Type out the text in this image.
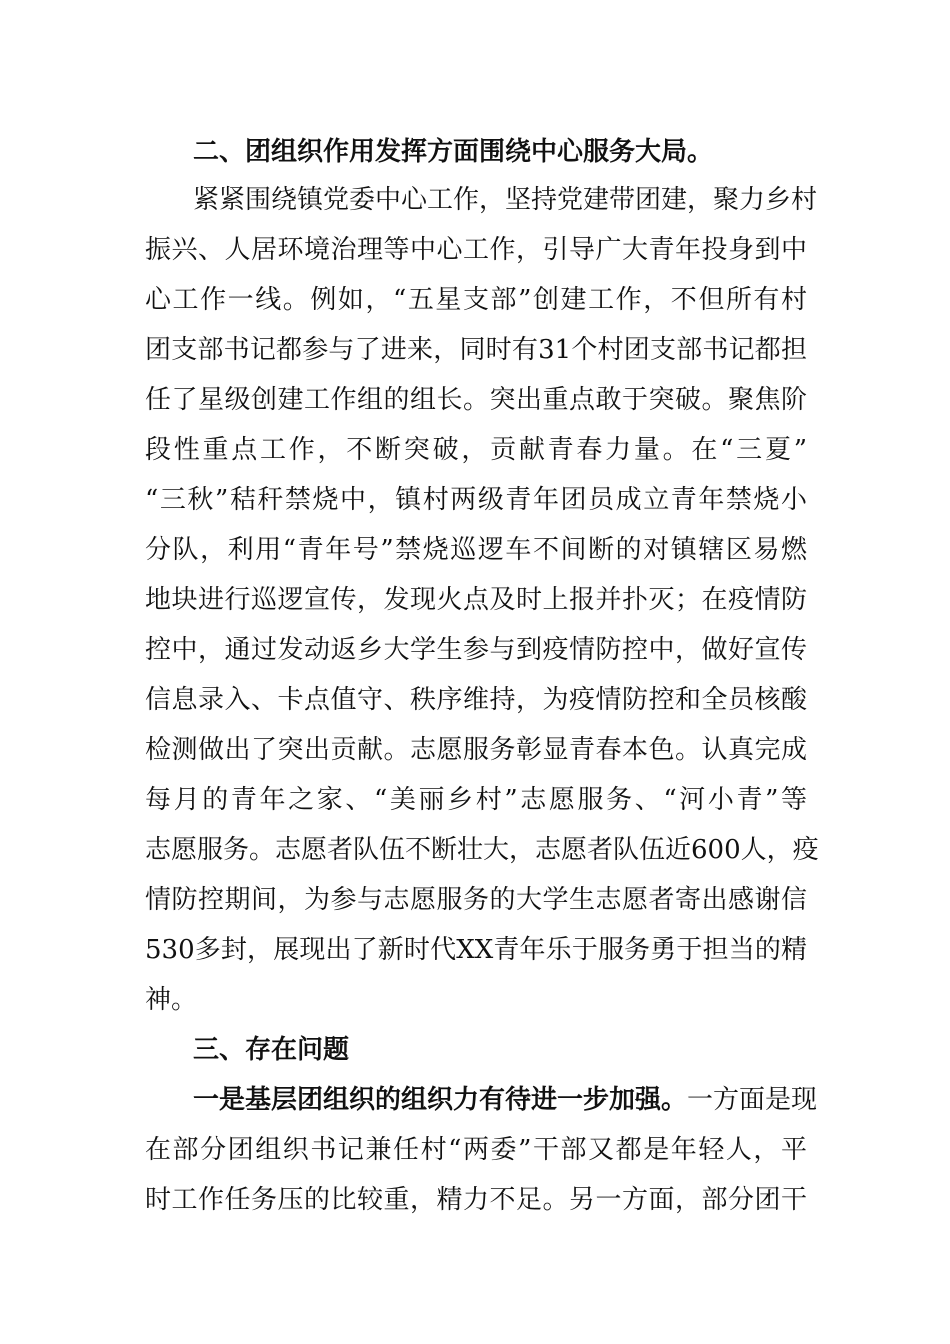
二、团组织作用发挥方面围绕中心服务大局。
紧紧围绕镇党委中心工作，坚持党建带团建，聚力乡村
振兴、人居环境治理等中心工作，引导广大青年投身到中
心工作一线。例如，“五星支部”创建工作，不但所有村
团支部书记都参与了进来，同时有31个村团支部书记都担
任了星级创建工作组的组长。突出重点敢于突破。聚焦阶
段性重点工作，不断突破，贡献青春力量。在“三夏”
“三秋”秸秆禁烧中，镇村两级青年团员成立青年禁烧小
分队，利用“青年号”禁烧巡逻车不间断的对镇辖区易燃
地块进行巡逻宣传，发现火点及时上报并扑灭；在疫情防
控中，通过发动返乡大学生参与到疫情防控中，做好宣传
信息录入、卡点值守、秩序维持，为疫情防控和全员核酸
检测做出了突出贡献。志愿服务彰显青春本色。认真完成
每月的青年之家、“美丽乡村”志愿服务、“河小青”等
志愿服务。志愿者队伍不断壮大，志愿者队伍近600人，疫
情防控期间，为参与志愿服务的大学生志愿者寄出感谢信
530多封，展现出了新时代XX青年乐于服务勇于担当的精
神。
三、存在问题
一是基层团组织的组织力有待进一步加强。一方面是现
在部分团组织书记兼任村“两委”干部又都是年轻人，平
时工作任务压的比较重，精力不足。另一方面，部分团干
